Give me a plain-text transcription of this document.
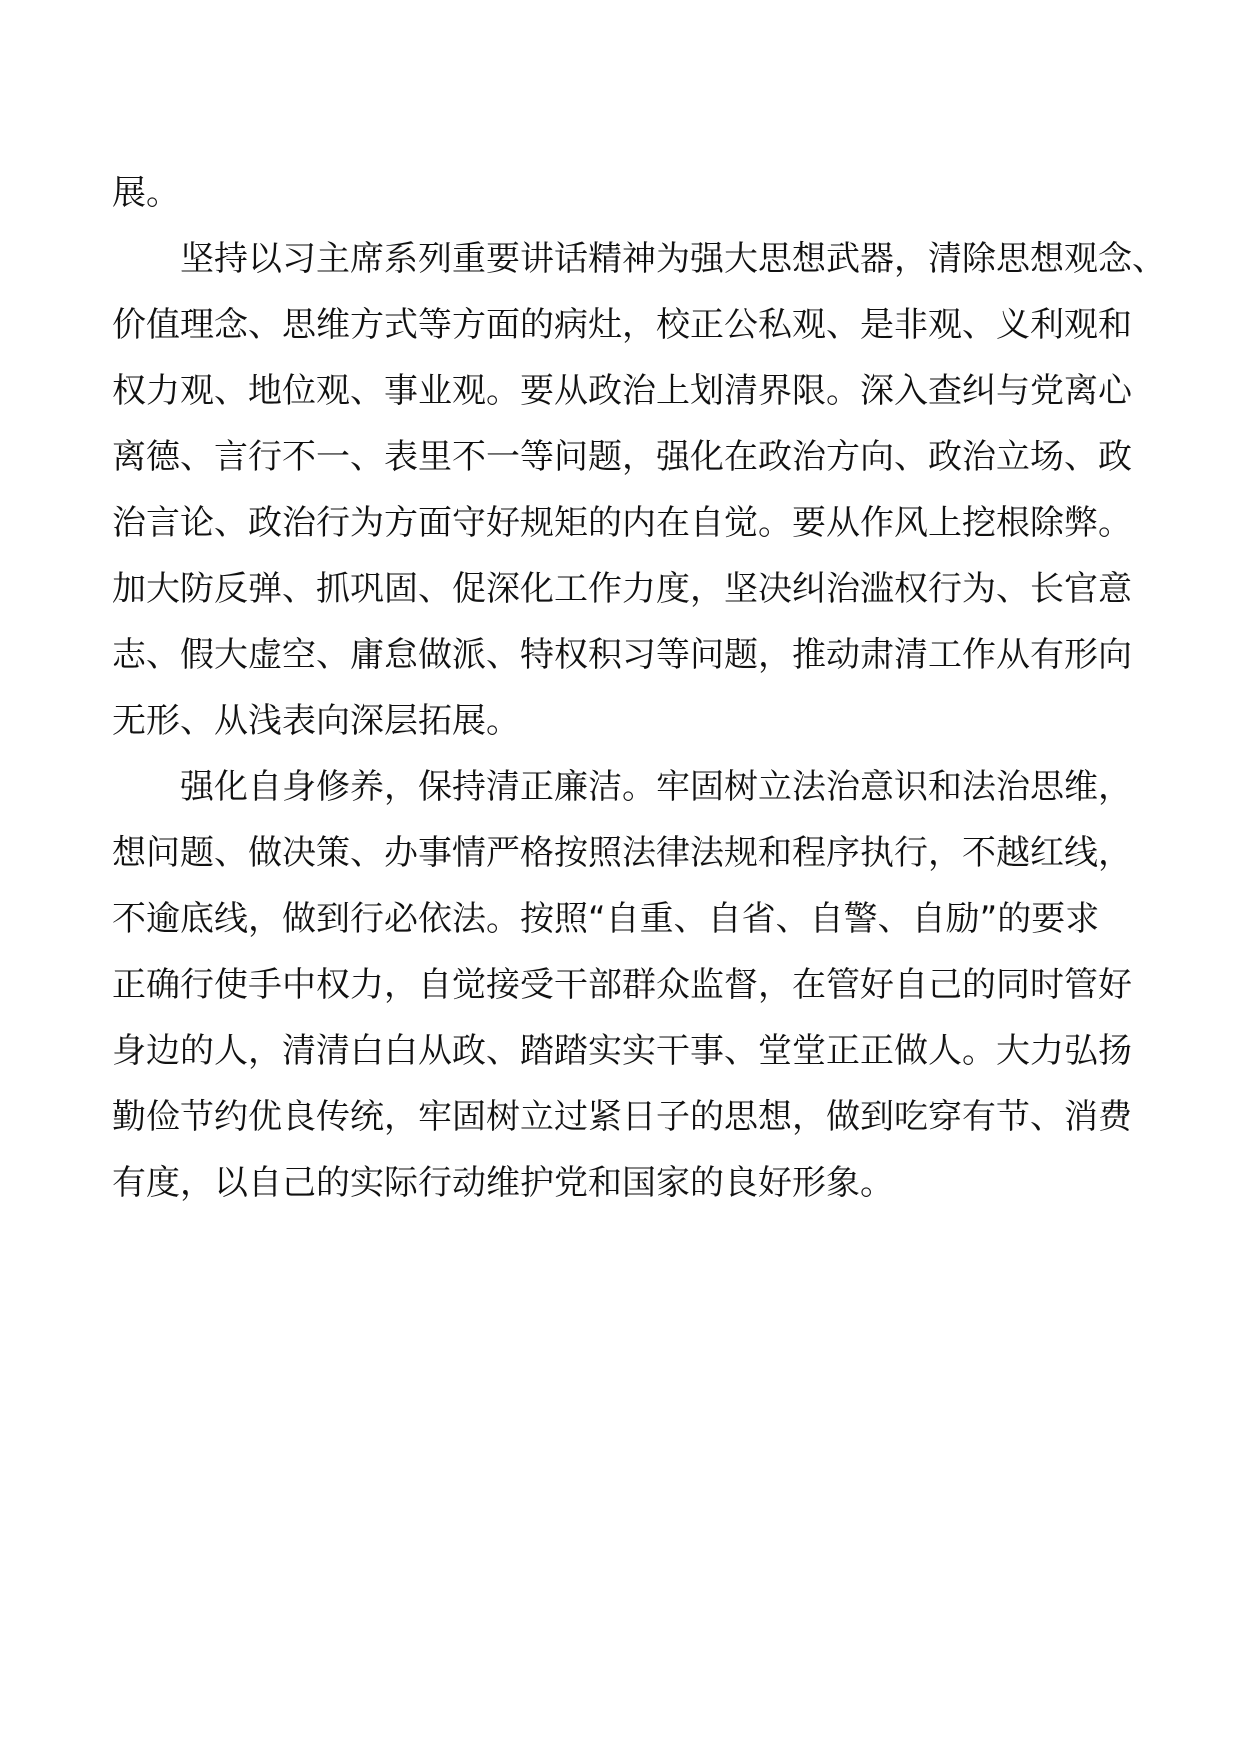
展。
坚持以习主席系列重要讲话精神为强大思想武器，清除思想观念、
价值理念、思维方式等方面的病灶，校正公私观、是非观、义利观和
权力观、地位观、事业观。要从政治上划清界限。深入查纠与党离心
离德、言行不一、表里不一等问题，强化在政治方向、政治立场、政
治言论、政治行为方面守好规矩的内在自觉。要从作风上挖根除弊。
加大防反弹、抓巩固、促深化工作力度，坚决纠治滥权行为、长官意
志、假大虚空、庸怠做派、特权积习等问题，推动肃清工作从有形向
无形、从浅表向深层拓展。
强化自身修养，保持清正廉洁。牢固树立法治意识和法治思维，
想问题、做决策、办事情严格按照法律法规和程序执行，不越红线，
不逾底线，做到行必依法。按照“自重、自省、自警、自励”的要求
正确行使手中权力，自觉接受干部群众监督，在管好自己的同时管好
身边的人，清清白白从政、踏踏实实干事、堂堂正正做人。大力弘扬
勤俭节约优良传统，牢固树立过紧日子的思想，做到吃穿有节、消费
有度，以自己的实际行动维护党和国家的良好形象。
